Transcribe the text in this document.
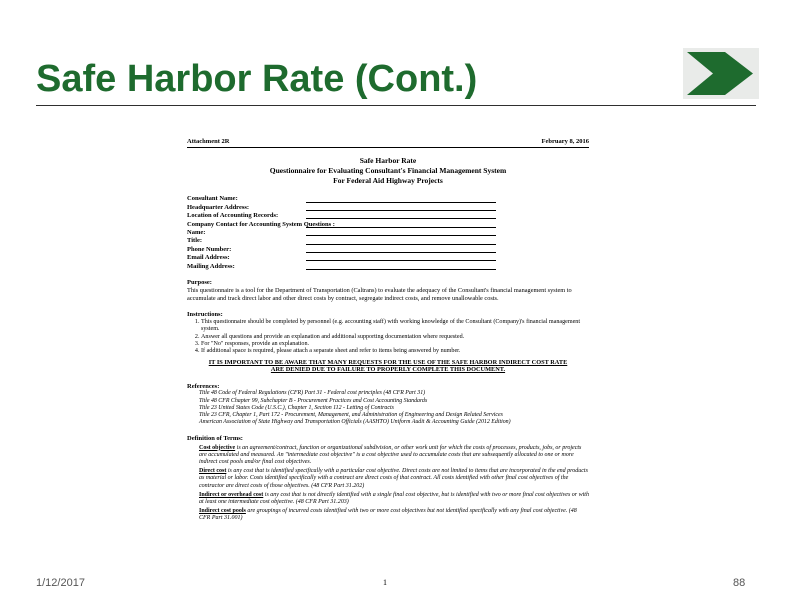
Safe Harbor Rate (Cont.)
Attachment 2R	February 8, 2016
Safe Harbor Rate
Questionnaire for Evaluating Consultant's Financial Management System
For Federal Aid Highway Projects
Consultant Name:
Headquarter Address:
Location of Accounting Records:
Company Contact for Accounting System Questions :
Name:
Title:
Phone Number:
Email Address:
Mailing Address:
Purpose:
This questionnaire is a tool for the Department of Transportation (Caltrans) to evaluate the adequacy of the Consultant's financial management system to accumulate and track direct labor and other direct costs by contract, segregate indirect costs, and remove unallowable costs.
Instructions:
1. This questionnaire should be completed by personnel (e.g. accounting staff) with working knowledge of the Consultant (Company)'s financial management system.
2. Answer all questions and provide an explanation and additional supporting documentation where requested.
3. For "No" responses, provide an explanation.
4. If additional space is required, please attach a separate sheet and refer to items being answered by number.
IT IS IMPORTANT TO BE AWARE THAT MANY REQUESTS FOR THE USE OF THE SAFE HARBOR INDIRECT COST RATE ARE DENIED DUE TO FAILURE TO PROPERLY COMPLETE THIS DOCUMENT.
References:
Title 48 Code of Federal Regulations (CFR) Part 31 - Federal cost principles (48 CFR Part 31)
Title 48 CFR Chapter 99, Subchapter B - Procurement Practices and Cost Accounting Standards
Title 23 United States Code (U.S.C.), Chapter 1, Section 112 - Letting of Contracts
Title 23 CFR, Chapter 1, Part 172 - Procurement, Management, and Administration of Engineering and Design Related Services
American Association of State Highway and Transportation Officials (AASHTO) Uniform Audit & Accounting Guide (2012 Edition)
Definition of Terms:
Cost objective is an agreement/contract, function or organizational subdivision, or other work unit for which the costs of processes, products, jobs, or projects are accumulated and measured. An "intermediate cost objective" is a cost objective used to accumulate costs that are subsequently allocated to one or more indirect cost pools and/or final cost objectives.
Direct cost is any cost that is identified specifically with a particular cost objective. Direct costs are not limited to items that are incorporated in the end products as material or labor. Costs identified specifically with a contract are direct costs of that contract. All costs identified with other final cost objectives of the contractor are direct costs of those objectives. (48 CFR Part 31.202)
Indirect or overhead cost is any cost that is not directly identified with a single final cost objective, but is identified with two or more final cost objectives or with at least one intermediate cost objective. (48 CFR Part 31.203)
Indirect cost pools are groupings of incurred costs identified with two or more cost objectives but not identified specifically with any final cost objective. (48 CFR Part 31.001)
1/12/2017	1	88
